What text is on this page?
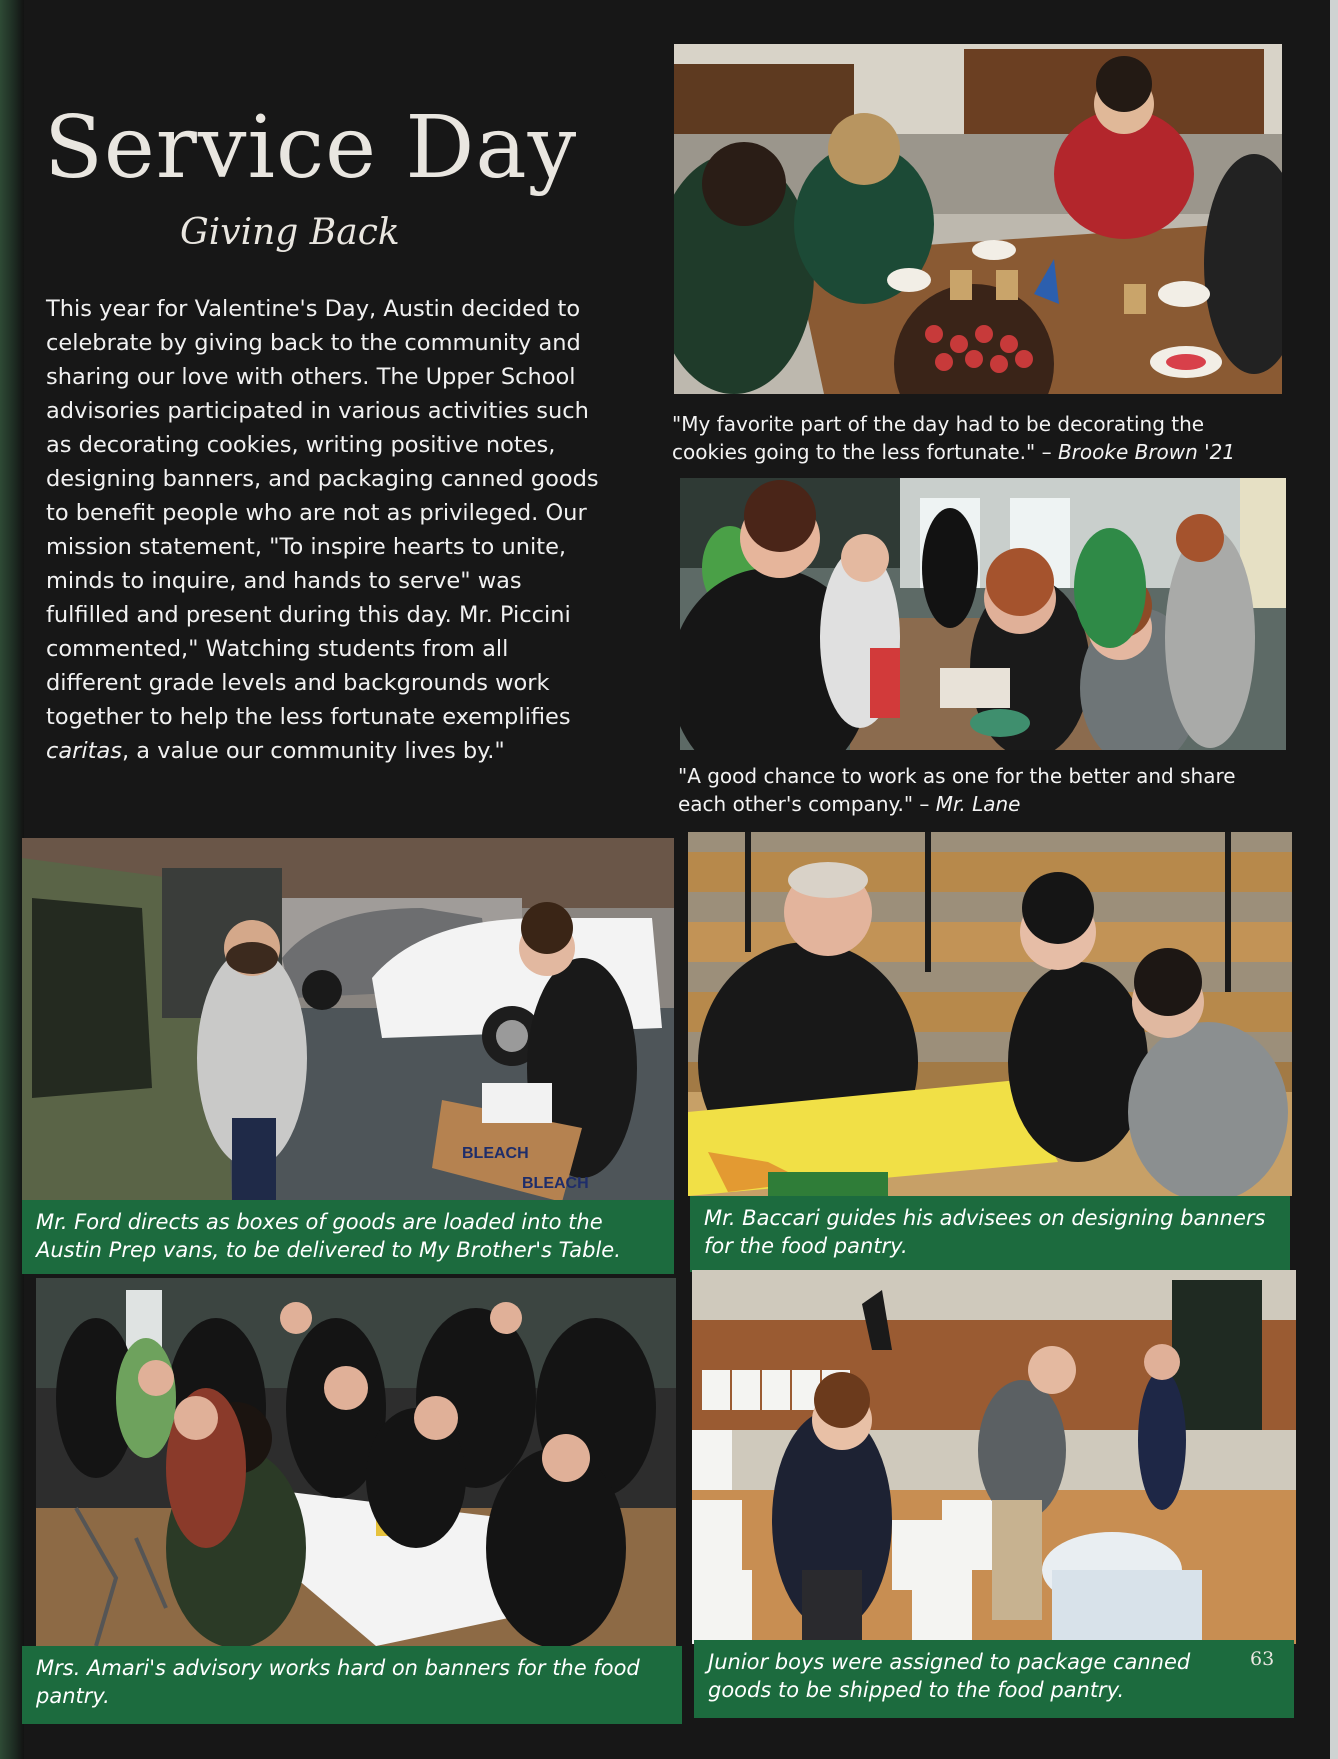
Service Day
Giving Back
This year for Valentine's Day, Austin decided to celebrate by giving back to the community and sharing our love with others. The Upper School advisories participated in various activities such as decorating cookies, writing positive notes, designing banners, and packaging canned goods to benefit people who are not as privileged. Our mission statement, "To inspire hearts to unite, minds to inquire, and hands to serve" was fulfilled and present during this day. Mr. Piccini commented," Watching students from all different grade levels and backgrounds work together to help the less fortunate exemplifies caritas, a value our community lives by."
"My favorite part of the day had to be decorating the cookies going to the less fortunate." – Brooke Brown '21
"A good chance to work as one for the better and share each other's company." – Mr. Lane
BLEACH
BLEACH
Mr. Ford directs as boxes of goods are loaded into the Austin Prep vans, to be delivered to My Brother's Table.
Mr. Baccari guides his advisees on designing banners for the food pantry.
Mrs. Amari's advisory works hard on banners for the food pantry.
Junior boys were assigned to package canned goods to be shipped to the food pantry.
63
